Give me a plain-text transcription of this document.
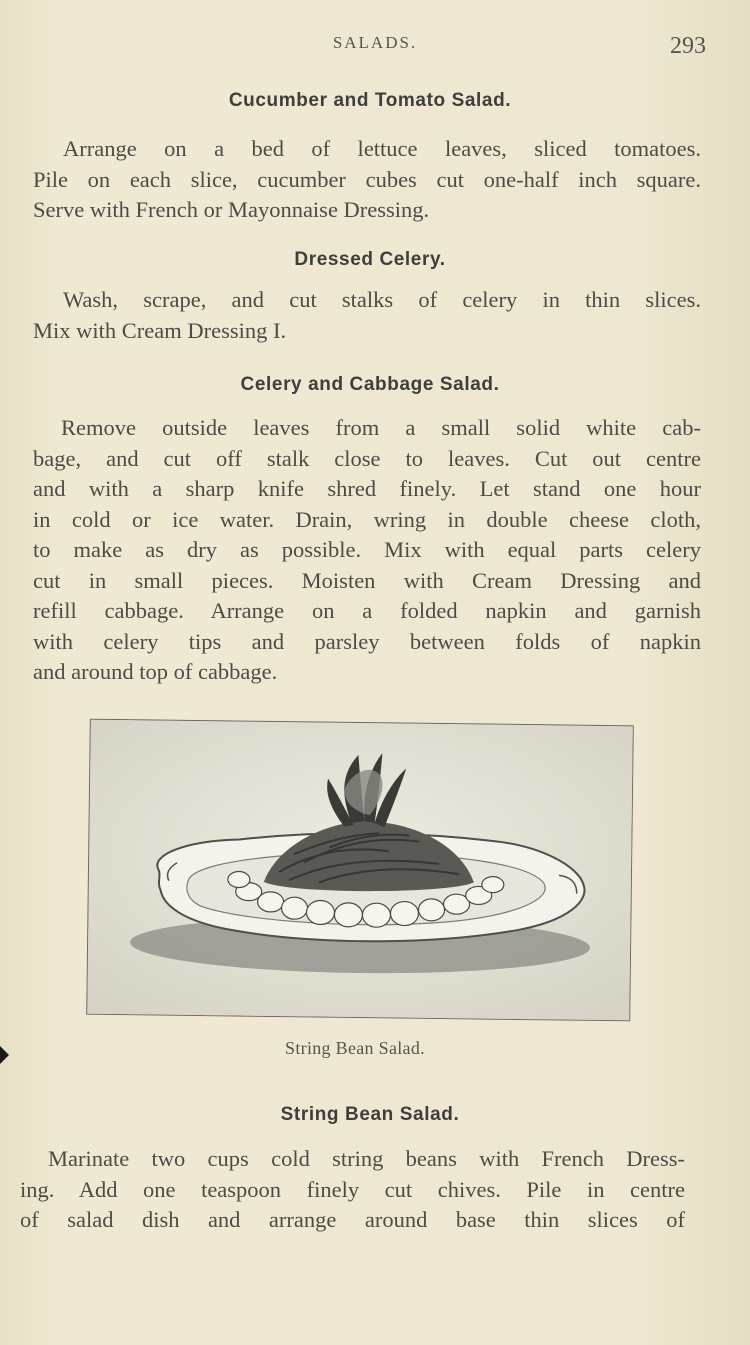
SALADS.	293
Cucumber and Tomato Salad.
Arrange on a bed of lettuce leaves, sliced tomatoes.
Pile on each slice, cucumber cubes cut one-half inch square.
Serve with French or Mayonnaise Dressing.
Dressed Celery.
Wash, scrape, and cut stalks of celery in thin slices.
Mix with Cream Dressing I.
Celery and Cabbage Salad.
Remove outside leaves from a small solid white cab-
bage, and cut off stalk close to leaves. Cut out centre
and with a sharp knife shred finely. Let stand one hour
in cold or ice water. Drain, wring in double cheese cloth,
to make as dry as possible. Mix with equal parts celery
cut in small pieces. Moisten with Cream Dressing and
refill cabbage. Arrange on a folded napkin and garnish
with celery tips and parsley between folds of napkin
and around top of cabbage.
String Bean Salad.
String Bean Salad.
Marinate two cups cold string beans with French Dress-
ing. Add one teaspoon finely cut chives. Pile in centre
of salad dish and arrange around base thin slices of
